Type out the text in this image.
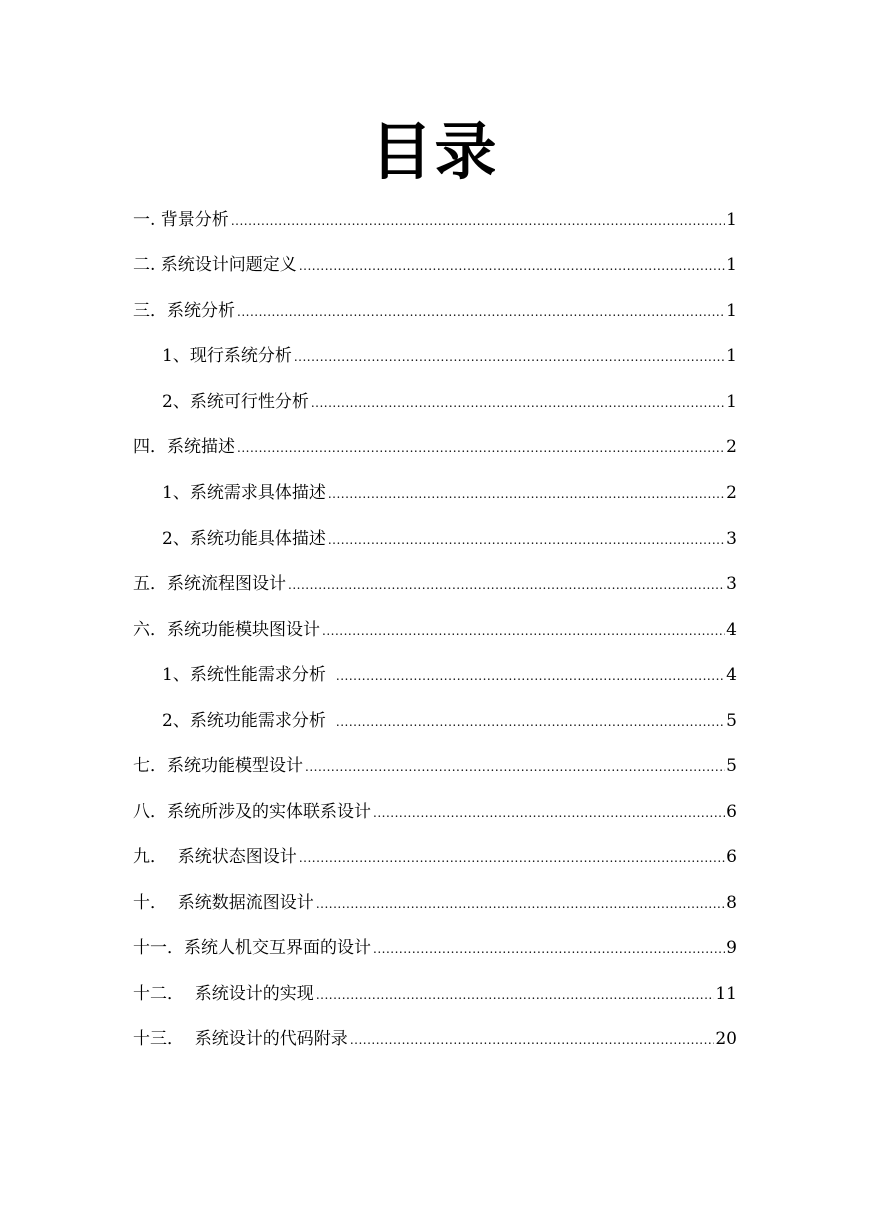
目录
一. 背景分析 .....	1
二. 系统设计问题定义 .....	1
三．系统分析 .....	1
1、现行系统分析 .....	1
2、系统可行性分析 .....	1
四．系统描述 .....	2
1、系统需求具体描述 .....	2
2、系统功能具体描述 .....	3
五．系统流程图设计 .....	3
六．系统功能模块图设计 .....	4
1、系统性能需求分析 .....	4
2、系统功能需求分析 .....	5
七．系统功能模型设计 .....	5
八．系统所涉及的实体联系设计 .....	6
九．  系统状态图设计 .....	6
十．  系统数据流图设计 .....	8
十一．系统人机交互界面的设计 .....	9
十二．  系统设计的实现 .....	11
十三．  系统设计的代码附录 .....	20
